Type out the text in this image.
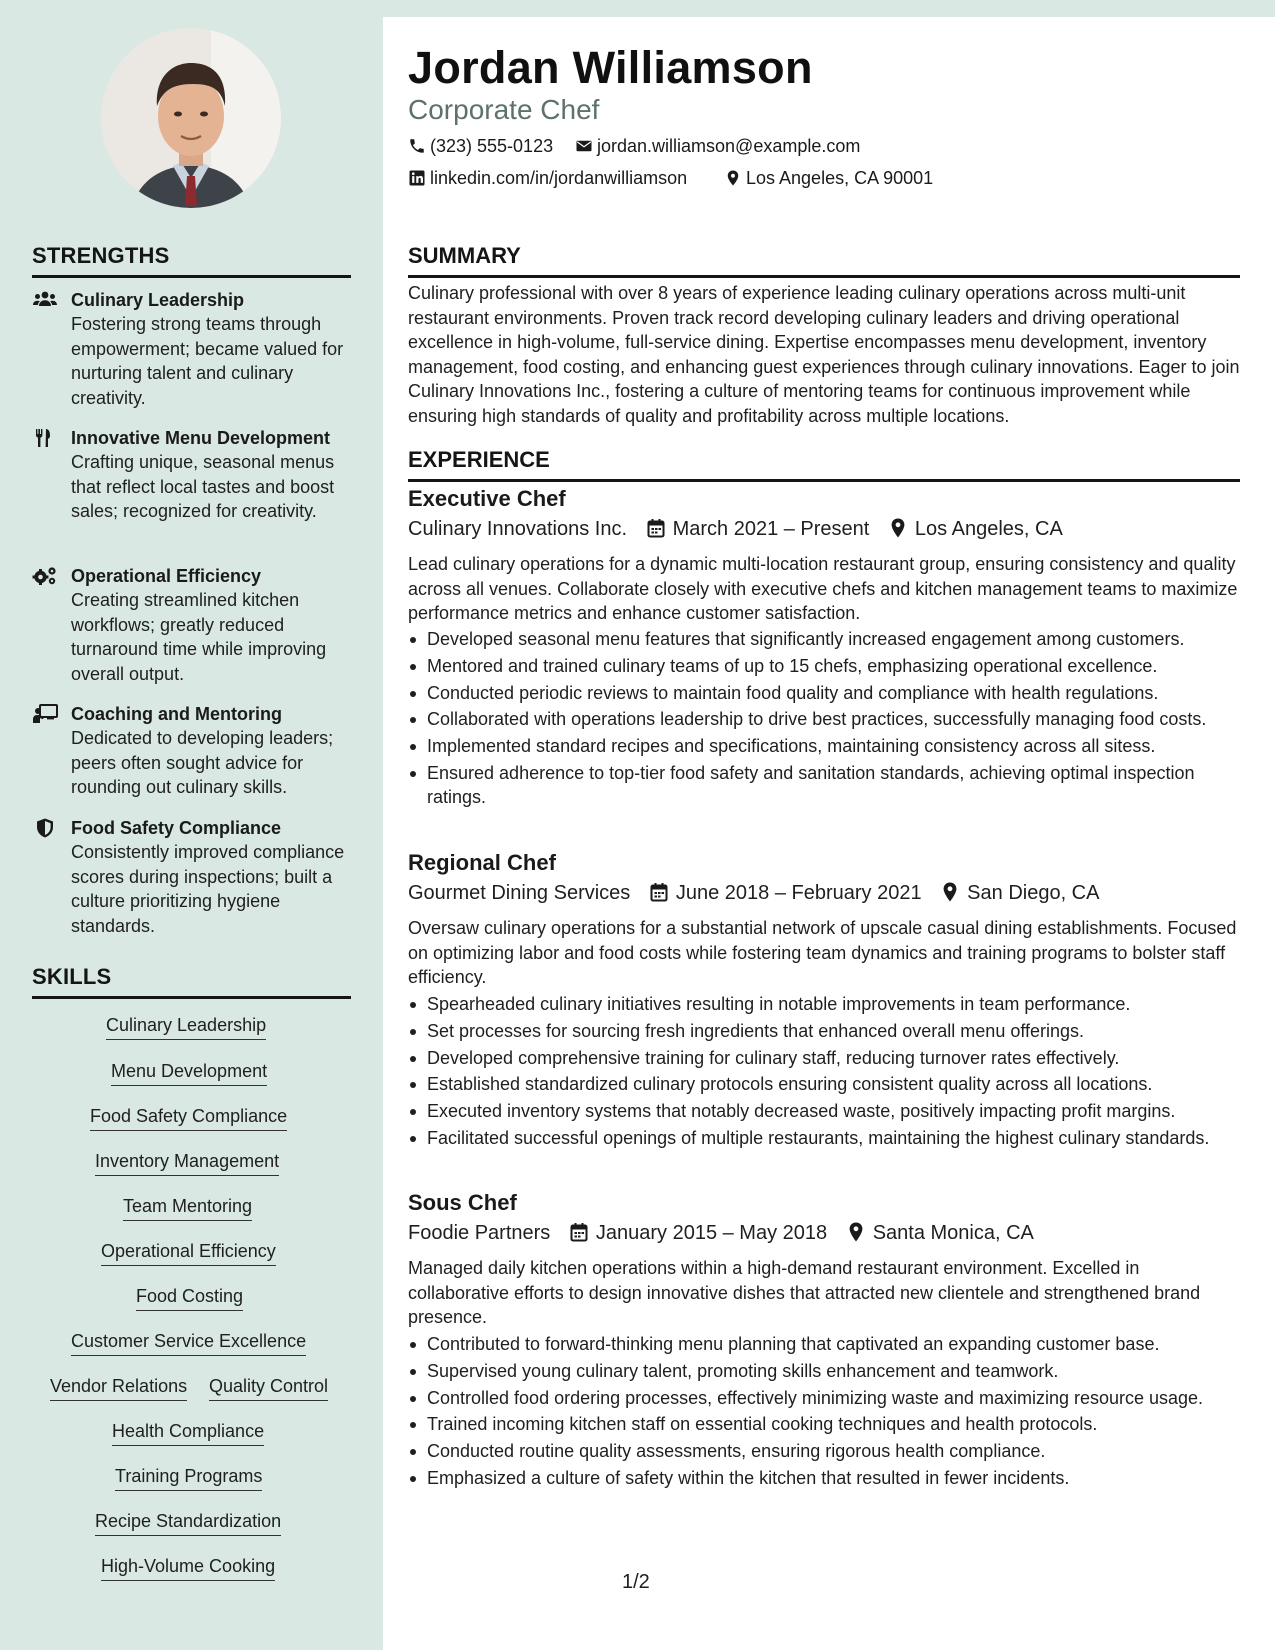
Jordan Williamson
Corporate Chef
(323) 555-0123	jordan.williamson@example.com
linkedin.com/in/jordanwilliamson	Los Angeles, CA 90001
STRENGTHS
Culinary Leadership
Fostering strong teams through empowerment; became valued for nurturing talent and culinary creativity.
Innovative Menu Development
Crafting unique, seasonal menus that reflect local tastes and boost sales; recognized for creativity.
Operational Efficiency
Creating streamlined kitchen workflows; greatly reduced turnaround time while improving overall output.
Coaching and Mentoring
Dedicated to developing leaders; peers often sought advice for rounding out culinary skills.
Food Safety Compliance
Consistently improved compliance scores during inspections; built a culture prioritizing hygiene standards.
SKILLS
Culinary Leadership
Menu Development
Food Safety Compliance
Inventory Management
Team Mentoring
Operational Efficiency
Food Costing
Customer Service Excellence
Vendor Relations Quality Control
Health Compliance
Training Programs
Recipe Standardization
High-Volume Cooking
SUMMARY
Culinary professional with over 8 years of experience leading culinary operations across multi-unit restaurant environments. Proven track record developing culinary leaders and driving operational excellence in high-volume, full-service dining. Expertise encompasses menu development, inventory management, food costing, and enhancing guest experiences through culinary innovations. Eager to join Culinary Innovations Inc., fostering a culture of mentoring teams for continuous improvement while ensuring high standards of quality and profitability across multiple locations.
EXPERIENCE
Executive Chef
Culinary Innovations Inc. March 2021 – Present Los Angeles, CA
Lead culinary operations for a dynamic multi-location restaurant group, ensuring consistency and quality across all venues. Collaborate closely with executive chefs and kitchen management teams to maximize performance metrics and enhance customer satisfaction.
Developed seasonal menu features that significantly increased engagement among customers.
Mentored and trained culinary teams of up to 15 chefs, emphasizing operational excellence.
Conducted periodic reviews to maintain food quality and compliance with health regulations.
Collaborated with operations leadership to drive best practices, successfully managing food costs.
Implemented standard recipes and specifications, maintaining consistency across all sitess.
Ensured adherence to top-tier food safety and sanitation standards, achieving optimal inspection ratings.
Regional Chef
Gourmet Dining Services June 2018 – February 2021 San Diego, CA
Oversaw culinary operations for a substantial network of upscale casual dining establishments. Focused on optimizing labor and food costs while fostering team dynamics and training programs to bolster staff efficiency.
Spearheaded culinary initiatives resulting in notable improvements in team performance.
Set processes for sourcing fresh ingredients that enhanced overall menu offerings.
Developed comprehensive training for culinary staff, reducing turnover rates effectively.
Established standardized culinary protocols ensuring consistent quality across all locations.
Executed inventory systems that notably decreased waste, positively impacting profit margins.
Facilitated successful openings of multiple restaurants, maintaining the highest culinary standards.
Sous Chef
Foodie Partners January 2015 – May 2018 Santa Monica, CA
Managed daily kitchen operations within a high-demand restaurant environment. Excelled in collaborative efforts to design innovative dishes that attracted new clientele and strengthened brand presence.
Contributed to forward-thinking menu planning that captivated an expanding customer base.
Supervised young culinary talent, promoting skills enhancement and teamwork.
Controlled food ordering processes, effectively minimizing waste and maximizing resource usage.
Trained incoming kitchen staff on essential cooking techniques and health protocols.
Conducted routine quality assessments, ensuring rigorous health compliance.
Emphasized a culture of safety within the kitchen that resulted in fewer incidents.
1/2
